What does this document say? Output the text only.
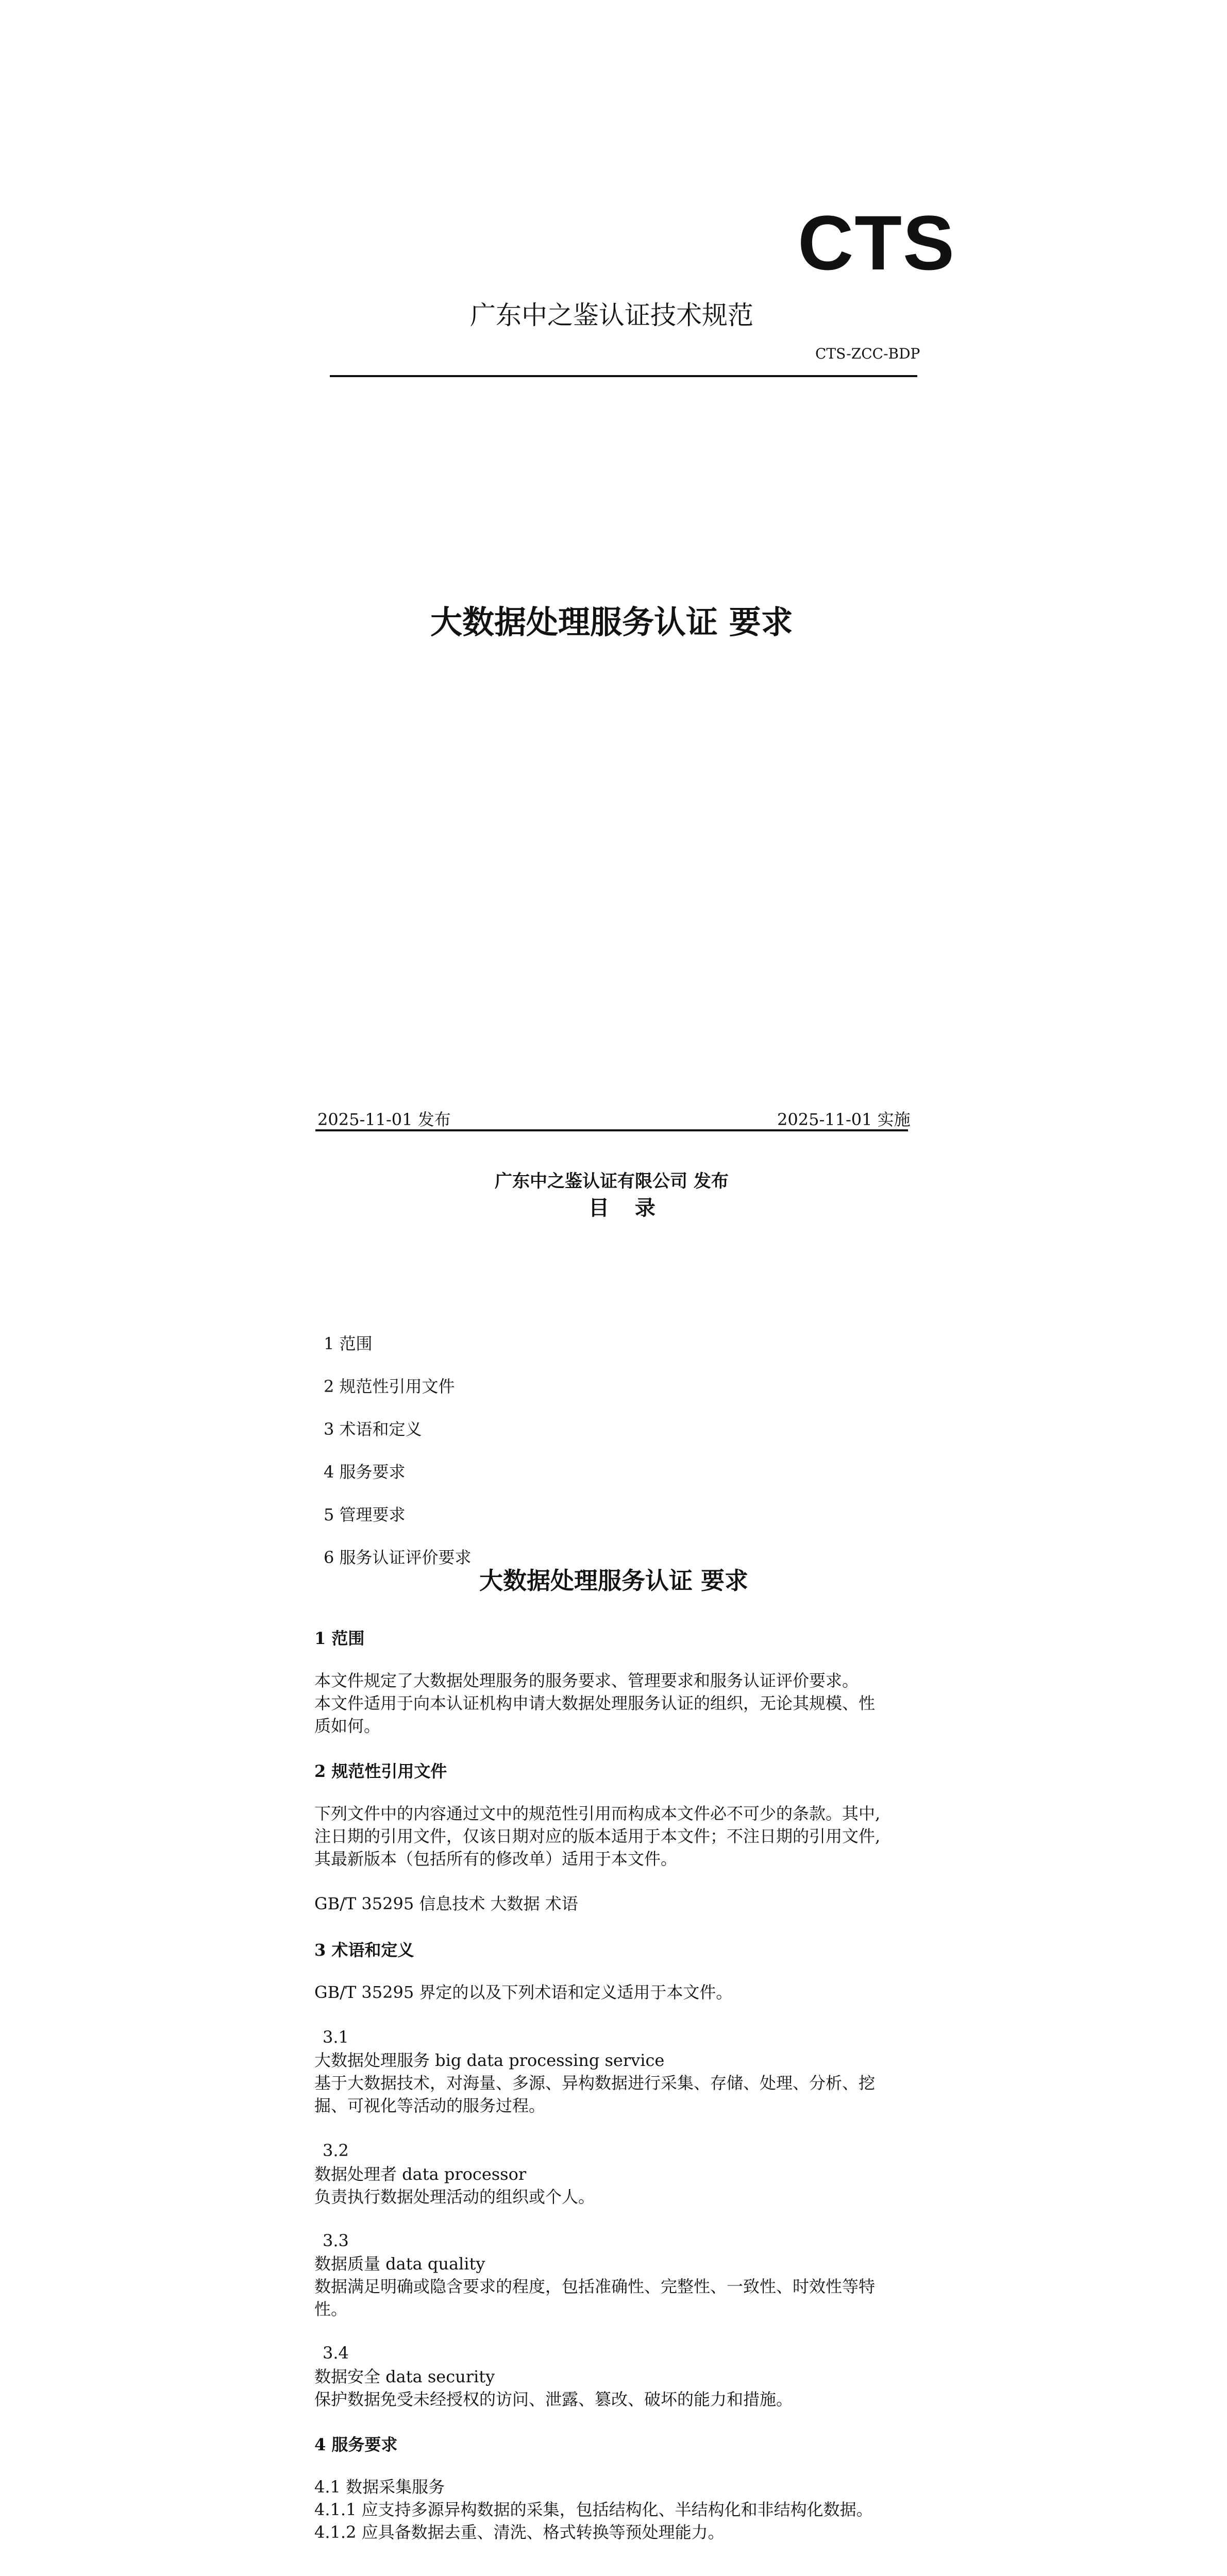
CTS
广东中之鉴认证技术规范
CTS-ZCC-BDP
大数据处理服务认证 要求
2025-11-01 发布	2025-11-01 实施
广东中之鉴认证有限公司 发布
目 录
1 范围
2 规范性引用文件
3 术语和定义
4 服务要求
5 管理要求
6 服务认证评价要求
大数据处理服务认证 要求
1 范围
本文件规定了大数据处理服务的服务要求、管理要求和服务认证评价要求。
本文件适用于向本认证机构申请大数据处理服务认证的组织，无论其规模、性
质如何。
2 规范性引用文件
下列文件中的内容通过文中的规范性引用而构成本文件必不可少的条款。其中,
注日期的引用文件，仅该日期对应的版本适用于本文件；不注日期的引用文件,
其最新版本（包括所有的修改单）适用于本文件。
GB/T 35295 信息技术 大数据 术语
3 术语和定义
GB/T 35295 界定的以及下列术语和定义适用于本文件。
3.1
大数据处理服务 big data processing service
基于大数据技术，对海量、多源、异构数据进行采集、存储、处理、分析、挖
掘、可视化等活动的服务过程。
3.2
数据处理者 data processor
负责执行数据处理活动的组织或个人。
3.3
数据质量 data quality
数据满足明确或隐含要求的程度，包括准确性、完整性、一致性、时效性等特
性。
3.4
数据安全 data security
保护数据免受未经授权的访问、泄露、篡改、破坏的能力和措施。
4 服务要求
4.1 数据采集服务
4.1.1 应支持多源异构数据的采集，包括结构化、半结构化和非结构化数据。
4.1.2 应具备数据去重、清洗、格式转换等预处理能力。
